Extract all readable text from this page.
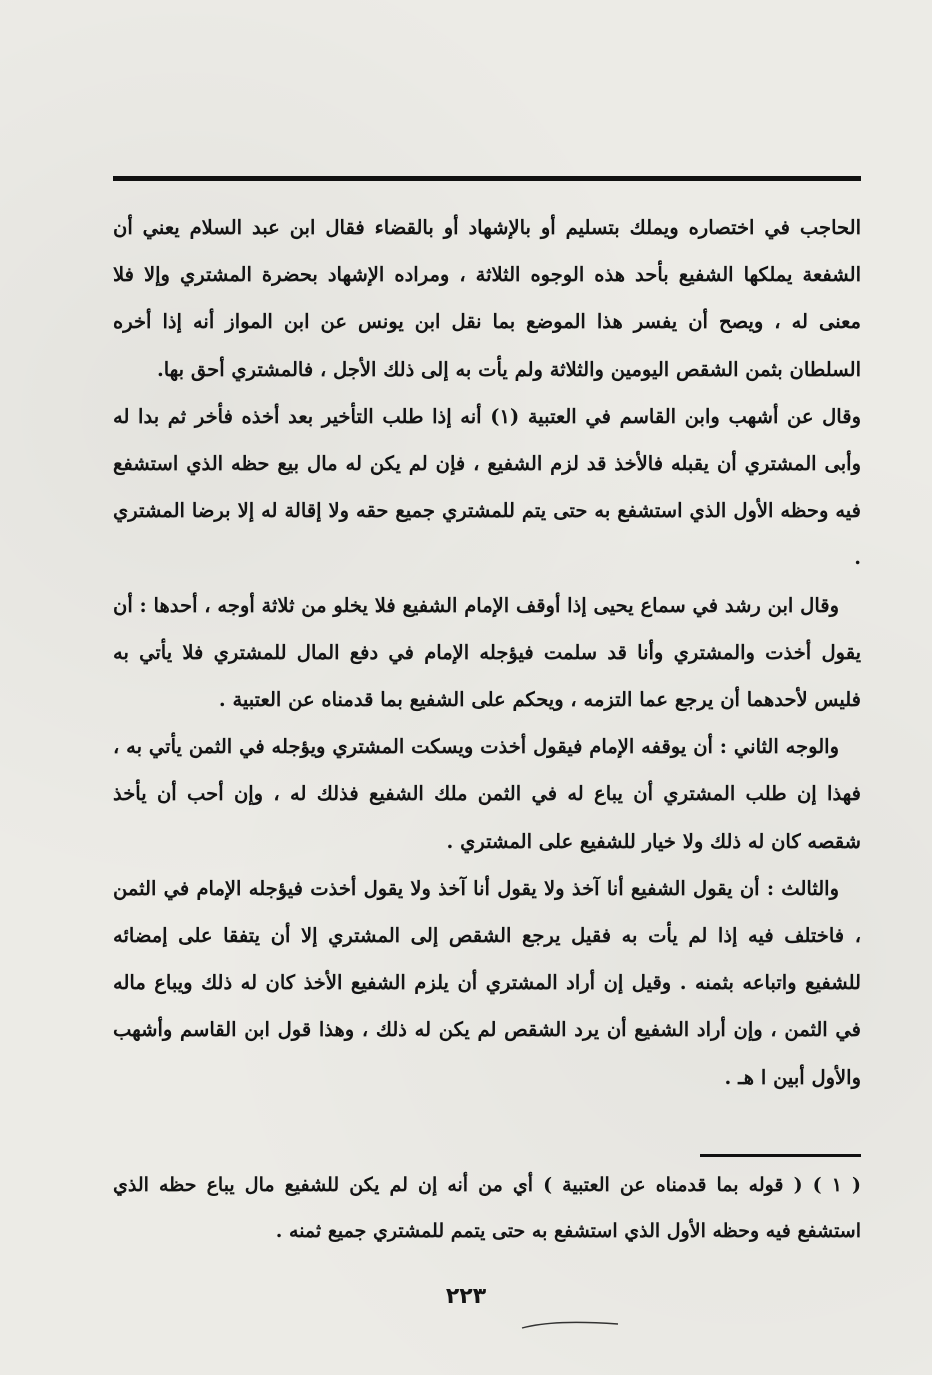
الحاجب في اختصاره ويملك بتسليم أو بالإشهاد أو بالقضاء فقال ابن عبد السلام يعني أن الشفعة يملكها الشفيع بأحد هذه الوجوه الثلاثة ، ومراده الإشهاد بحضرة المشتري وإلا فلا معنى له ، ويصح أن يفسر هذا الموضع بما نقل ابن يونس عن ابن المواز أنه إذا أخره السلطان بثمن الشقص اليومين والثلاثة ولم يأت به إلى ذلك الأجل ، فالمشتري أحق بها.

وقال عن أشهب وابن القاسم في العتبية (١) أنه إذا طلب التأخير بعد أخذه فأخر ثم بدا له وأبى المشتري أن يقبله فالأخذ قد لزم الشفيع ، فإن لم يكن له مال بيع حظه الذي استشفع فيه وحظه الأول الذي استشفع به حتى يتم للمشتري جميع حقه ولا إقالة له إلا برضا المشتري .

وقال ابن رشد في سماع يحيى إذا أوقف الإمام الشفيع فلا يخلو من ثلاثة أوجه ، أحدها : أن يقول أخذت والمشتري وأنا قد سلمت فيؤجله الإمام في دفع المال للمشتري فلا يأتي به فليس لأحدهما أن يرجع عما التزمه ، ويحكم على الشفيع بما قدمناه عن العتبية .

والوجه الثاني : أن يوقفه الإمام فيقول أخذت ويسكت المشتري ويؤجله في الثمن يأتي به ، فهذا إن طلب المشتري أن يباع له في الثمن ملك الشفيع فذلك له ، وإن أحب أن يأخذ شقصه كان له ذلك ولا خيار للشفيع على المشتري .

والثالث : أن يقول الشفيع أنا آخذ ولا يقول أنا آخذ ولا يقول أخذت فيؤجله الإمام في الثمن ، فاختلف فيه إذا لم يأت به فقيل يرجع الشقص إلى المشتري إلا أن يتفقا على إمضائه للشفيع واتباعه بثمنه . وقيل إن أراد المشتري أن يلزم الشفيع الأخذ كان له ذلك ويباع ماله في الثمن ، وإن أراد الشفيع أن يرد الشقص لم يكن له ذلك ، وهذا قول ابن القاسم وأشهب والأول أبين ا هـ .

( ١ ) ( قوله بما قدمناه عن العتبية ) أي من أنه إن لم يكن للشفيع مال يباع حظه الذي استشفع فيه وحظه الأول الذي استشفع به حتى يتمم للمشتري جميع ثمنه .

٢٢٣
